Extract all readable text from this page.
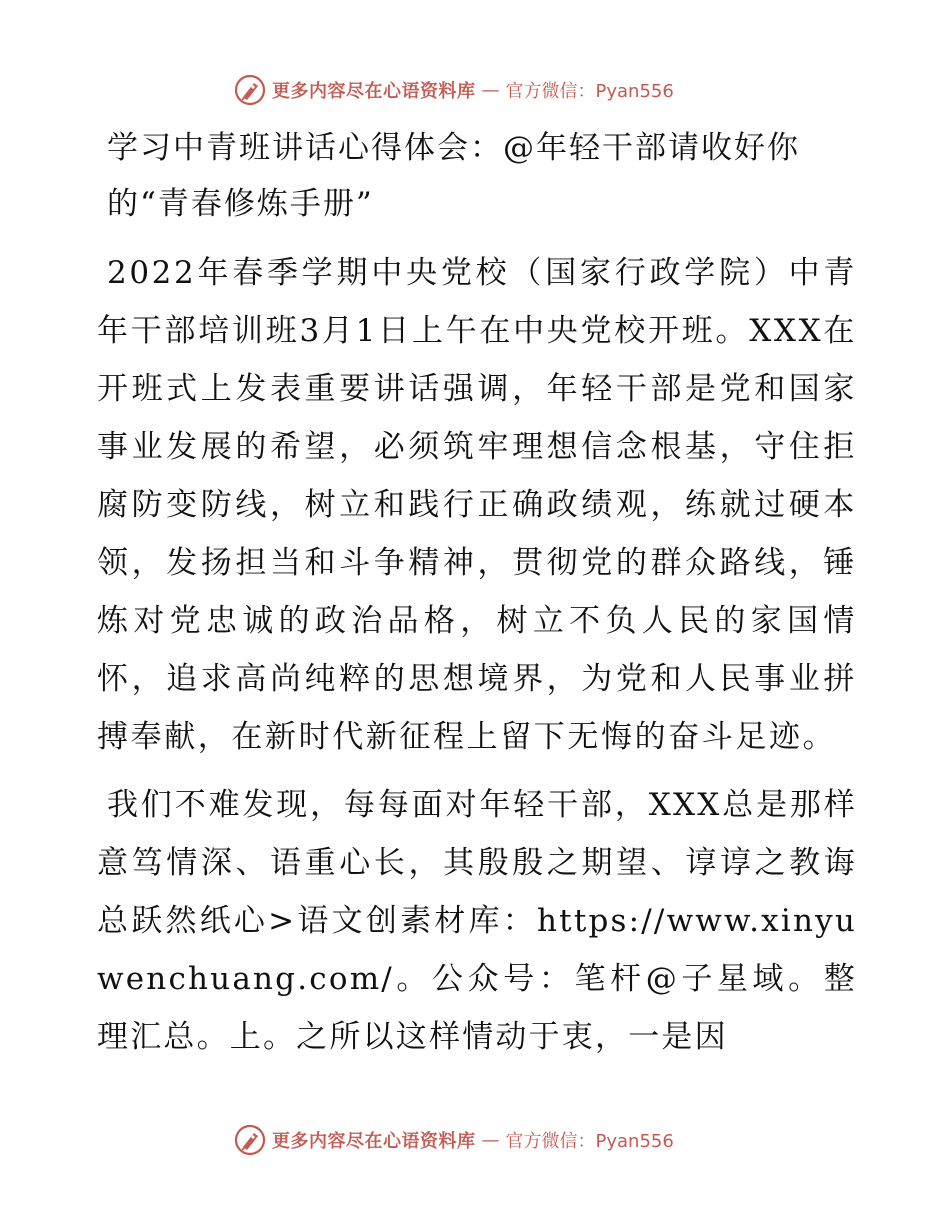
更多内容尽在心语资料库 — 官方微信：Pyan556
学习中青班讲话心得体会：@年轻干部请收好你的“青春修炼手册”

2022年春季学期中央党校（国家行政学院）中青年干部培训班3月1日上午在中央党校开班。XXX在开班式上发表重要讲话强调，年轻干部是党和国家事业发展的希望，必须筑牢理想信念根基，守住拒腐防变防线，树立和践行正确政绩观，练就过硬本领，发扬担当和斗争精神，贯彻党的群众路线，锤炼对党忠诚的政治品格，树立不负人民的家国情怀，追求高尚纯粹的思想境界，为党和人民事业拼搏奉献，在新时代新征程上留下无悔的奋斗足迹。

我们不难发现，每每面对年轻干部，XXX总是那样意笃情深、语重心长，其殷殷之期望、谆谆之教诲总跃然纸心>语文创素材库：https://www.xinyuwenchuang.com/。公众号：笔杆@子星域。整理汇总。上。之所以这样情动于衷，一是因

更多内容尽在心语资料库 — 官方微信：Pyan556
